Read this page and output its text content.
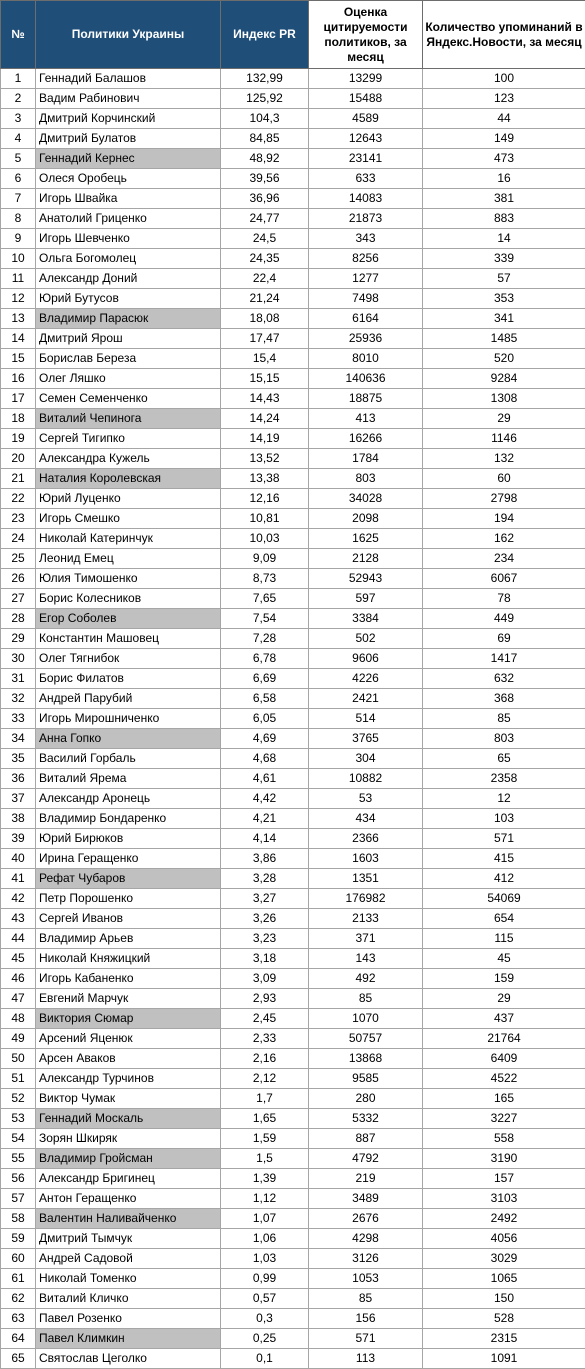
№	Политики Украины	Индекс PR	Оценка цитируемости политиков, за месяц	Количество упоминаний в Яндекс.Новости, за месяц
1	Геннадий Балашов	132,99	13299	100
2	Вадим Рабинович	125,92	15488	123
3	Дмитрий Корчинский	104,3	4589	44
4	Дмитрий Булатов	84,85	12643	149
5	Геннадий Кернес	48,92	23141	473
6	Олеся Оробець	39,56	633	16
7	Игорь Швайка	36,96	14083	381
8	Анатолий Гриценко	24,77	21873	883
9	Игорь Шевченко	24,5	343	14
10	Ольга Богомолец	24,35	8256	339
11	Александр Доний	22,4	1277	57
12	Юрий Бутусов	21,24	7498	353
13	Владимир Парасюк	18,08	6164	341
14	Дмитрий Ярош	17,47	25936	1485
15	Борислав Береза	15,4	8010	520
16	Олег Ляшко	15,15	140636	9284
17	Семен Семенченко	14,43	18875	1308
18	Виталий Чепинога	14,24	413	29
19	Сергей Тигипко	14,19	16266	1146
20	Александра Кужель	13,52	1784	132
21	Наталия Королевская	13,38	803	60
22	Юрий Луценко	12,16	34028	2798
23	Игорь Смешко	10,81	2098	194
24	Николай Катеринчук	10,03	1625	162
25	Леонид Емец	9,09	2128	234
26	Юлия Тимошенко	8,73	52943	6067
27	Борис Колесников	7,65	597	78
28	Егор Соболев	7,54	3384	449
29	Константин Машовец	7,28	502	69
30	Олег Тягнибок	6,78	9606	1417
31	Борис Филатов	6,69	4226	632
32	Андрей Парубий	6,58	2421	368
33	Игорь Мирошниченко	6,05	514	85
34	Анна Гопко	4,69	3765	803
35	Василий Горбаль	4,68	304	65
36	Виталий Ярема	4,61	10882	2358
37	Александр Аронець	4,42	53	12
38	Владимир Бондаренко	4,21	434	103
39	Юрий Бирюков	4,14	2366	571
40	Ирина Геращенко	3,86	1603	415
41	Рефат Чубаров	3,28	1351	412
42	Петр Порошенко	3,27	176982	54069
43	Сергей Иванов	3,26	2133	654
44	Владимир Арьев	3,23	371	115
45	Николай Княжицкий	3,18	143	45
46	Игорь Кабаненко	3,09	492	159
47	Евгений Марчук	2,93	85	29
48	Виктория Сюмар	2,45	1070	437
49	Арсений Яценюк	2,33	50757	21764
50	Арсен Аваков	2,16	13868	6409
51	Александр Турчинов	2,12	9585	4522
52	Виктор Чумак	1,7	280	165
53	Геннадий Москаль	1,65	5332	3227
54	Зорян Шкиряк	1,59	887	558
55	Владимир Гройсман	1,5	4792	3190
56	Александр Бригинец	1,39	219	157
57	Антон Геращенко	1,12	3489	3103
58	Валентин Наливайченко	1,07	2676	2492
59	Дмитрий Тымчук	1,06	4298	4056
60	Андрей Садовой	1,03	3126	3029
61	Николай Томенко	0,99	1053	1065
62	Виталий Кличко	0,57	85	150
63	Павел Розенко	0,3	156	528
64	Павел Климкин	0,25	571	2315
65	Святослав Цеголко	0,1	113	1091
